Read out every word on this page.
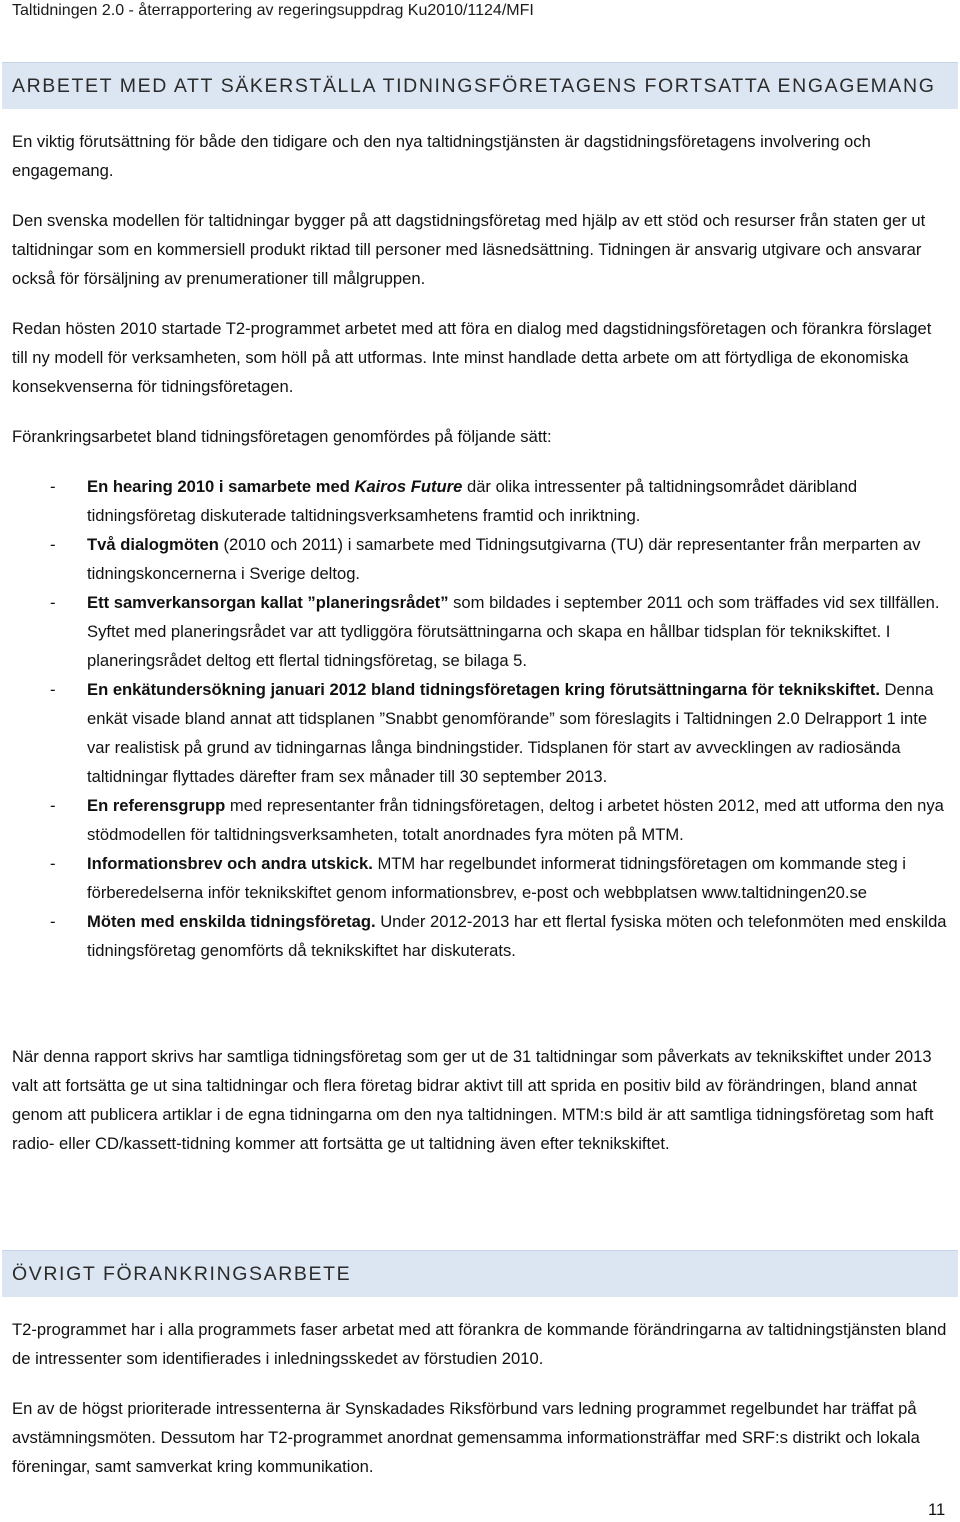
Taltidningen 2.0 - återrapportering av regeringsuppdrag Ku2010/1124/MFI
ARBETET MED ATT SÄKERSTÄLLA TIDNINGSFÖRETAGENS FORTSATTA ENGAGEMANG

En viktig förutsättning för både den tidigare och den nya taltidningstjänsten är dagstidningsföretagens involvering och engagemang.

Den svenska modellen för taltidningar bygger på att dagstidningsföretag med hjälp av ett stöd och resurser från staten ger ut taltidningar som en kommersiell produkt riktad till personer med läsnedsättning. Tidningen är ansvarig utgivare och ansvarar också för försäljning av prenumerationer till målgruppen.

Redan hösten 2010 startade T2-programmet arbetet med att föra en dialog med dagstidningsföretagen och förankra förslaget till ny modell för verksamheten, som höll på att utformas. Inte minst handlade detta arbete om att förtydliga de ekonomiska konsekvenserna för tidningsföretagen.

Förankringsarbetet bland tidningsföretagen genomfördes på följande sätt:

- En hearing 2010 i samarbete med Kairos Future där olika intressenter på taltidningsområdet däribland tidningsföretag diskuterade taltidningsverksamhetens framtid och inriktning.
- Två dialogmöten (2010 och 2011) i samarbete med Tidningsutgivarna (TU) där representanter från merparten av tidningskoncernerna i Sverige deltog.
- Ett samverkansorgan kallat ”planeringsrådet” som bildades i september 2011 och som träffades vid sex tillfällen. Syftet med planeringsrådet var att tydliggöra förutsättningarna och skapa en hållbar tidsplan för teknikskiftet. I planeringsrådet deltog ett flertal tidningsföretag, se bilaga 5.
- En enkätundersökning januari 2012 bland tidningsföretagen kring förutsättningarna för teknikskiftet. Denna enkät visade bland annat att tidsplanen ”Snabbt genomförande” som föreslagits i Taltidningen 2.0 Delrapport 1 inte var realistisk på grund av tidningarnas långa bindningstider. Tidsplanen för start av avvecklingen av radiosända taltidningar flyttades därefter fram sex månader till 30 september 2013.
- En referensgrupp med representanter från tidningsföretagen, deltog i arbetet hösten 2012, med att utforma den nya stödmodellen för taltidningsverksamheten, totalt anordnades fyra möten på MTM.
- Informationsbrev och andra utskick. MTM har regelbundet informerat tidningsföretagen om kommande steg i förberedelserna inför teknikskiftet genom informationsbrev, e-post och webbplatsen www.taltidningen20.se
- Möten med enskilda tidningsföretag. Under 2012-2013 har ett flertal fysiska möten och telefonmöten med enskilda tidningsföretag genomförts då teknikskiftet har diskuterats.

När denna rapport skrivs har samtliga tidningsföretag som ger ut de 31 taltidningar som påverkats av teknikskiftet under 2013 valt att fortsätta ge ut sina taltidningar och flera företag bidrar aktivt till att sprida en positiv bild av förändringen, bland annat genom att publicera artiklar i de egna tidningarna om den nya taltidningen. MTM:s bild är att samtliga tidningsföretag som haft radio- eller CD/kassett-tidning kommer att fortsätta ge ut taltidning även efter teknikskiftet.

ÖVRIGT FÖRANKRINGSARBETE

T2-programmet har i alla programmets faser arbetat med att förankra de kommande förändringarna av taltidningstjänsten bland de intressenter som identifierades i inledningsskedet av förstudien 2010.

En av de högst prioriterade intressenterna är Synskadades Riksförbund vars ledning programmet regelbundet har träffat på avstämningsmöten. Dessutom har T2-programmet anordnat gemensamma informationsträffar med SRF:s distrikt och lokala föreningar, samt samverkat kring kommunikation.

11
